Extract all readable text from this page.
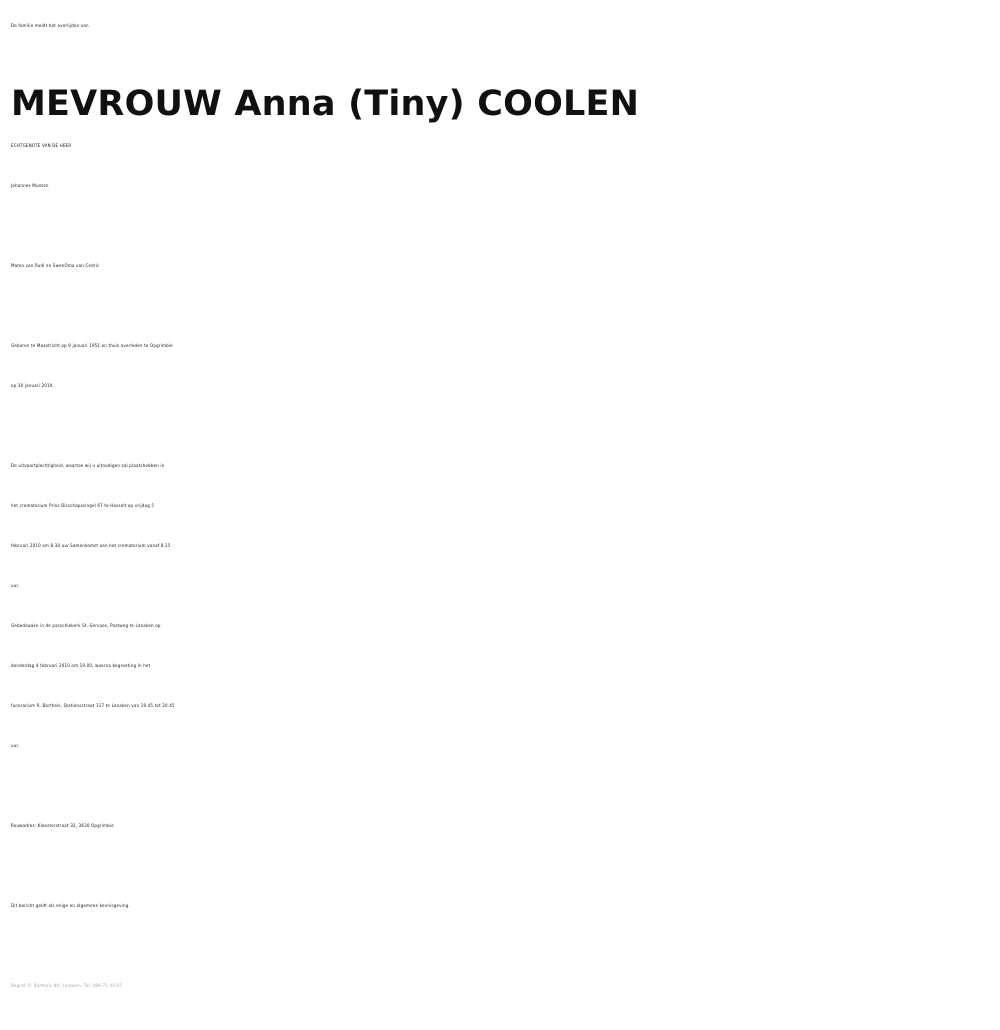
De familie meldt het overlijden van

MEVROUW Anna (Tiny) COOLEN

ECHTGENOTE VAN DE HEER

Johannes Munten

Mama van Rudi en SwenOma van Cedric

Geboren te Maastricht op 9 januari 1951 en thuis overleden te Opgrimbie

op 30 januari 2010.

De uitvaartplechtigheid, waartoe wij u uitnodigen zal plaatshebben in

het crematorium Prins Bisschopssingel 67 te Hasselt op vrijdag 5

februari 2010 om 8.30 uur.Samenkomst aan het crematorium vanaf 8.15

uur.

Gebedswake in de parochiekerk St.-Servaes, Postweg te Lanaken op

donderdag 4 februari 2010 om 19.00, waarna begroeting in het

funerarium R. Barthels, Stationsstraat 117 te Lanaken van 19.45 tot 20.45

uur.

Rouwadres: Kloosterstraat 32, 3630 Opgrimbie

Dit bericht geldt als enige en algemene kennisgeving.

Begraf. R. Barthels NV, Lanaken. Tel. 089-71.40.87.
